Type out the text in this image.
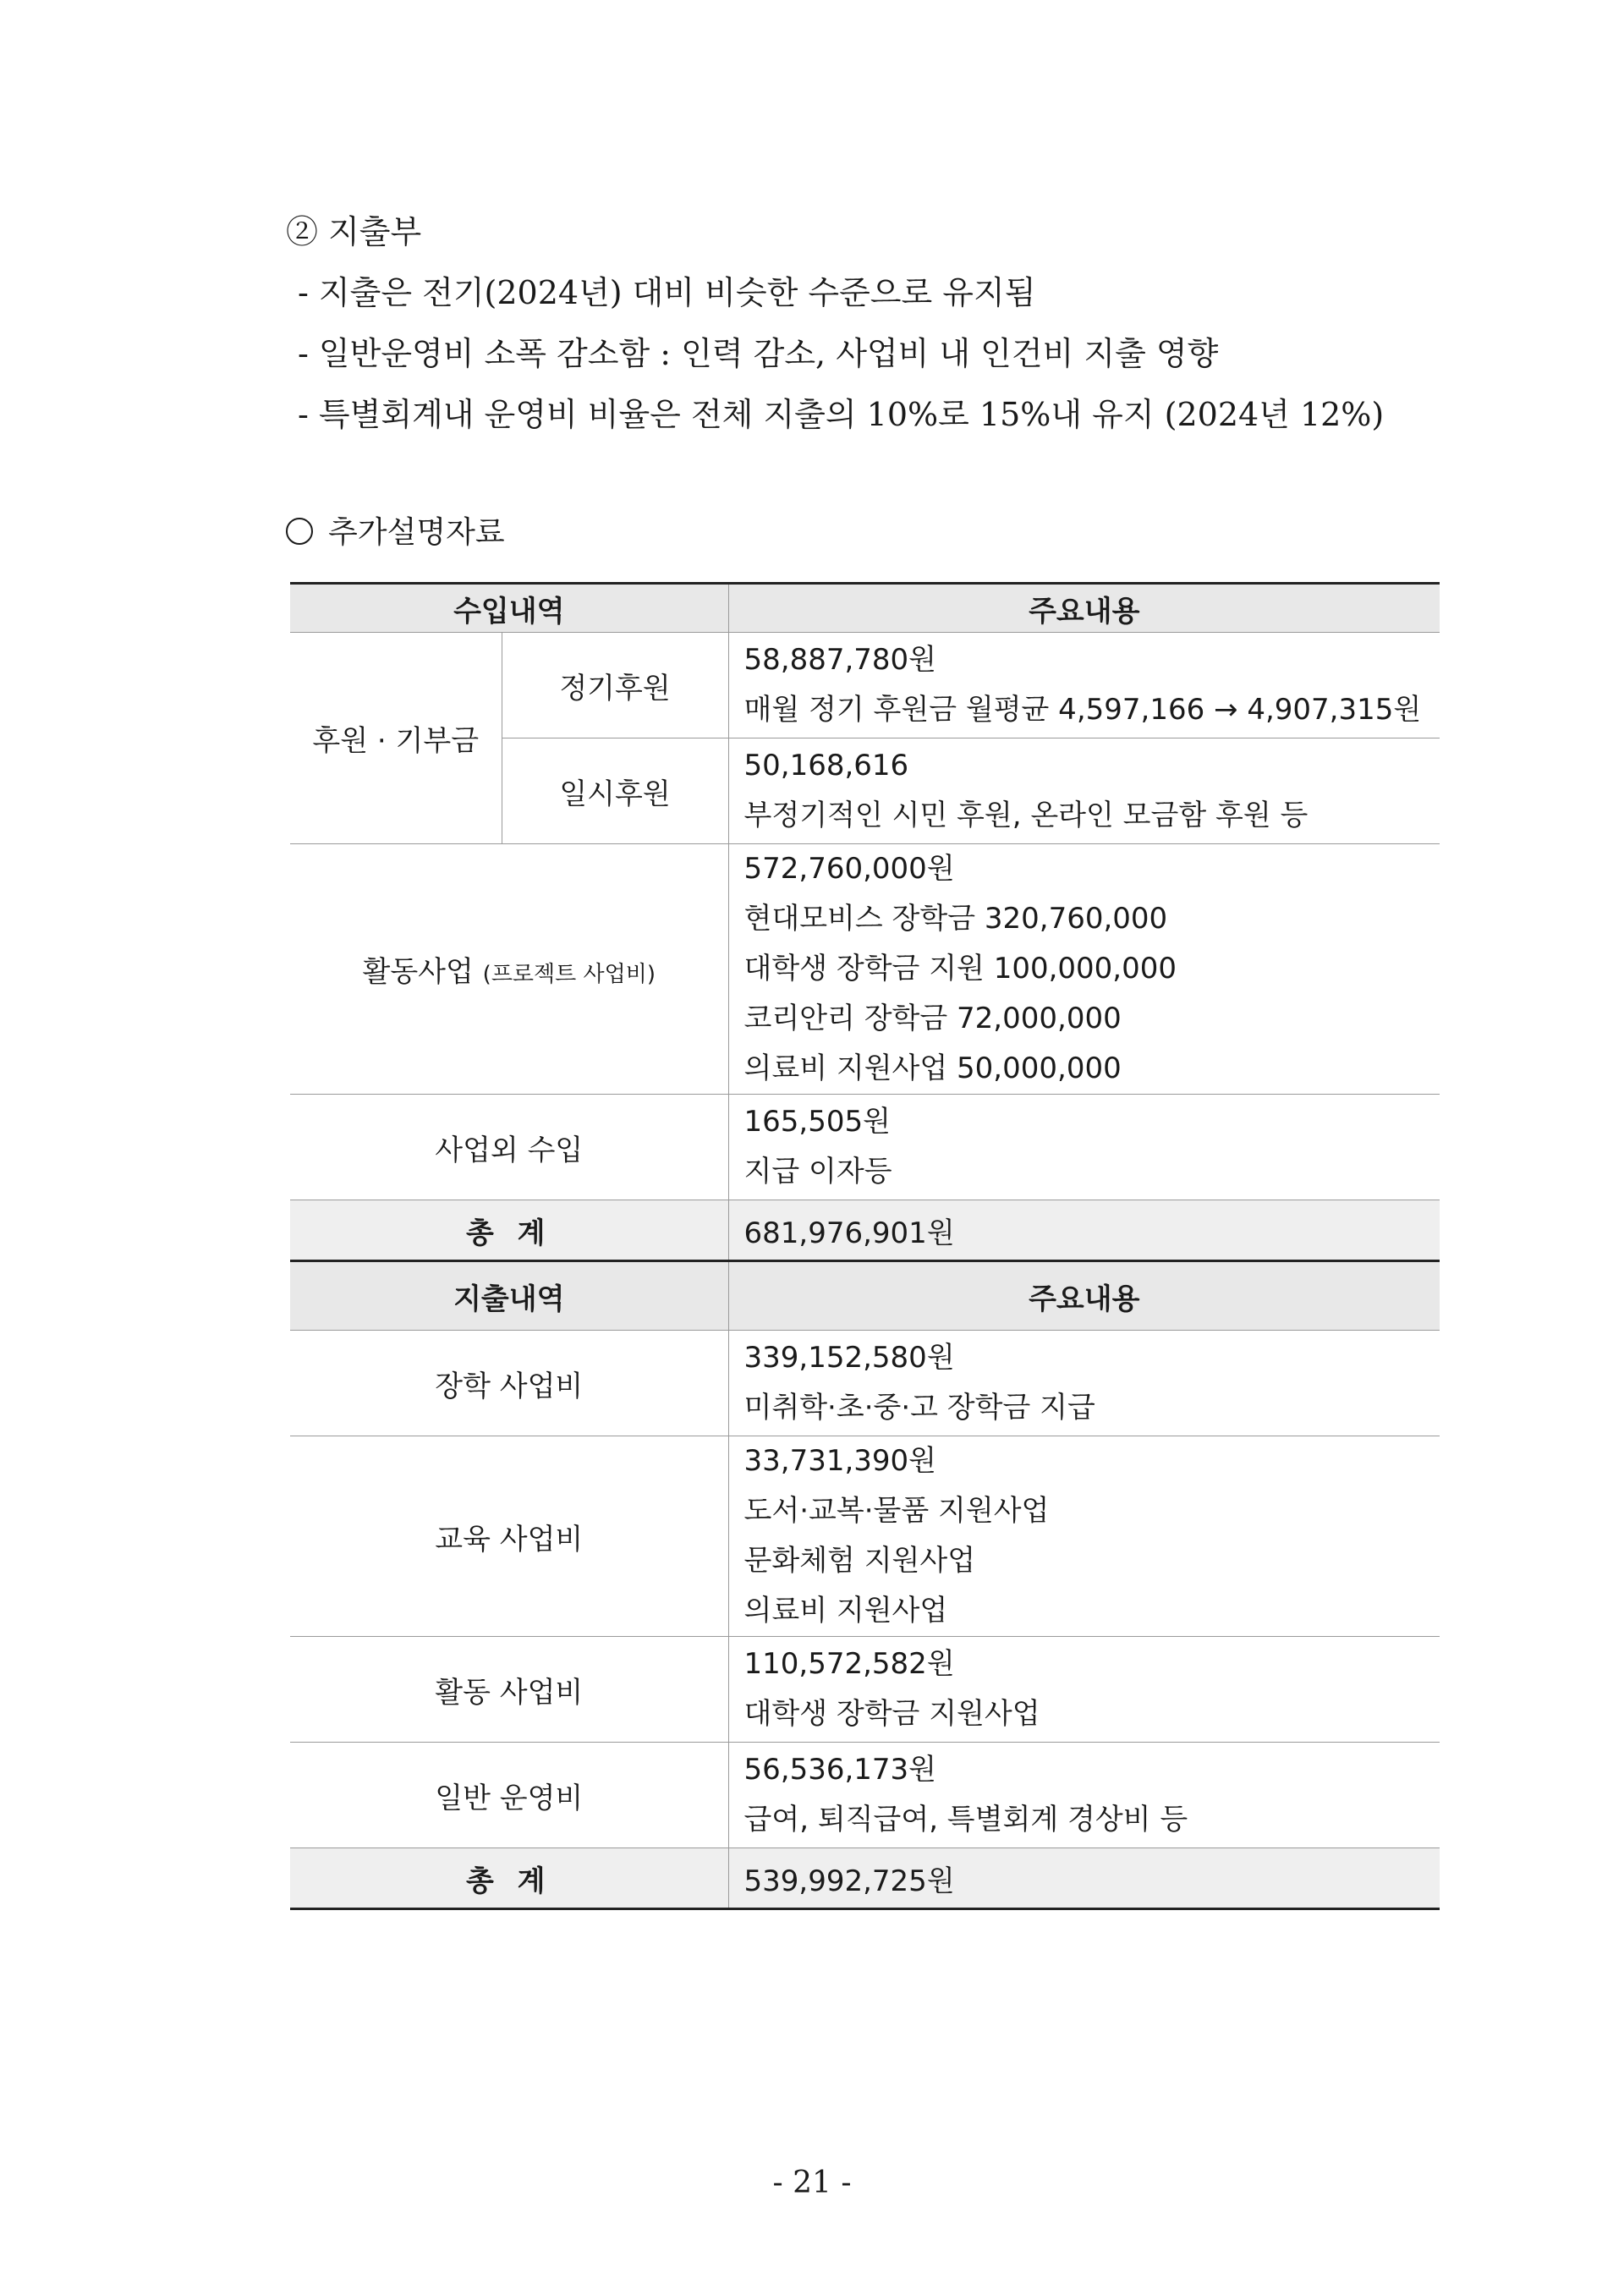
② 지출부
- 지출은 전기(2024년) 대비 비슷한 수준으로 유지됨
- 일반운영비 소폭 감소함 : 인력 감소, 사업비 내 인건비 지출 영향
- 특별회계내 운영비 비율은 전체 지출의 10%로 15%내 유지 (2024년 12%)
추가설명자료
수입내역		주요내용
후원 · 기부금	정기후원	58,887,780원
매월 정기 후원금 월평균 4,597,166 → 4,907,315원

	일시후원	50,168,616
부정기적인 시민 후원, 온라인 모금함 후원 등

활동사업 (프로젝트 사업비)		572,760,000원
현대모비스 장학금 320,760,000
대학생 장학금 지원 100,000,000
코리안리 장학금 72,000,000
의료비 지원사업 50,000,000

사업외 수입		165,505원
지급 이자등

총 계		681,976,901원
지출내역		주요내용
장학 사업비		339,152,580원
미취학·초·중·고 장학금 지급

교육 사업비		33,731,390원
도서·교복·물품 지원사업
문화체험 지원사업
의료비 지원사업

활동 사업비		110,572,582원
대학생 장학금 지원사업

일반 운영비		56,536,173원
급여, 퇴직급여, 특별회계 경상비 등

총 계		539,992,725원
- 21 -
